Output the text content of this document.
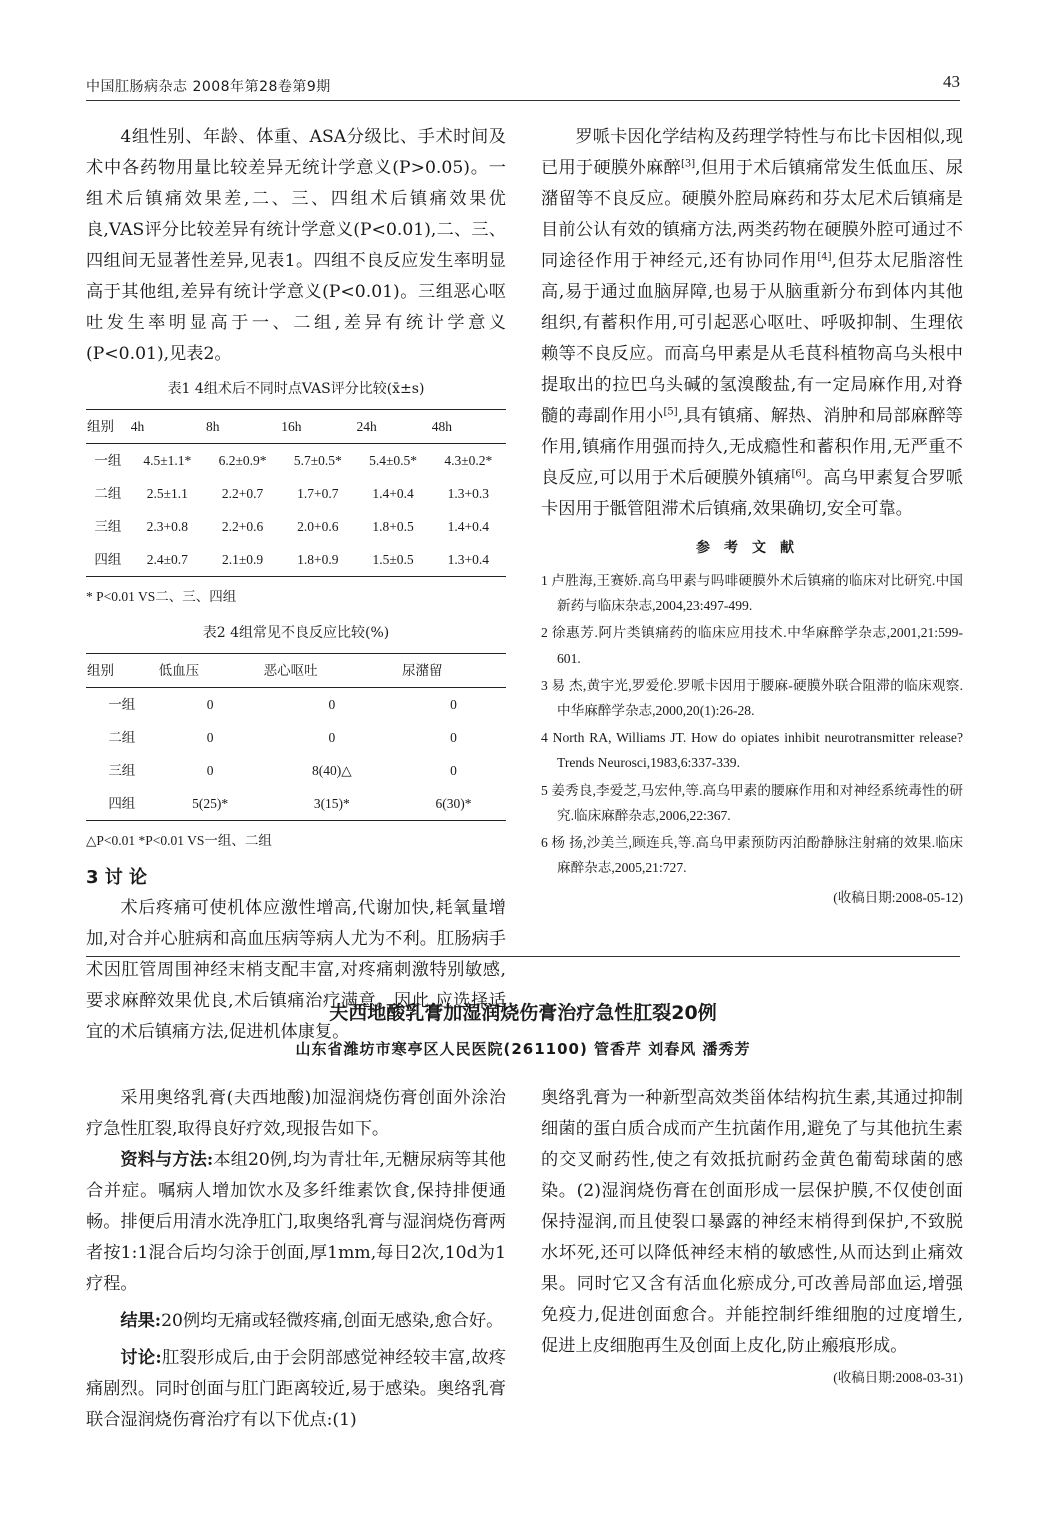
中国肛肠病杂志 2008年第28卷第9期	43

4组性别、年龄、体重、ASA分级比、手术时间及术中各药物用量比较差异无统计学意义(P>0.05)。一组术后镇痛效果差,二、三、四组术后镇痛效果优良,VAS评分比较差异有统计学意义(P<0.01),二、三、四组间无显著性差异,见表1。四组不良反应发生率明显高于其他组,差异有统计学意义(P<0.01)。三组恶心呕吐发生率明显高于一、二组,差异有统计学意义(P<0.01),见表2。

表1 4组术后不同时点VAS评分比较(x̄±s)
组别	4h	8h	16h	24h	48h
一组	4.5±1.1*	6.2±0.9*	5.7±0.5*	5.4±0.5*	4.3±0.2*
二组	2.5±1.1	2.2+0.7	1.7+0.7	1.4+0.4	1.3+0.3
三组	2.3+0.8	2.2+0.6	2.0+0.6	1.8+0.5	1.4+0.4
四组	2.4±0.7	2.1±0.9	1.8+0.9	1.5±0.5	1.3+0.4
* P<0.01 VS二、三、四组
表2 4组常见不良反应比较(%)
组别	低血压	恶心呕吐	尿潴留
一组	0	0	0
二组	0	0	0
三组	0	8(40)△	0
四组	5(25)*	3(15)*	6(30)*
△P<0.01 *P<0.01 VS一组、二组
3 讨 论

术后疼痛可使机体应激性增高,代谢加快,耗氧量增加,对合并心脏病和高血压病等病人尤为不利。肛肠病手术因肛管周围神经末梢支配丰富,对疼痛刺激特别敏感,要求麻醉效果优良,术后镇痛治疗满意。因此,应选择适宜的术后镇痛方法,促进机体康复。

罗哌卡因化学结构及药理学特性与布比卡因相似,现已用于硬膜外麻醉[3],但用于术后镇痛常发生低血压、尿潴留等不良反应。硬膜外腔局麻药和芬太尼术后镇痛是目前公认有效的镇痛方法,两类药物在硬膜外腔可通过不同途径作用于神经元,还有协同作用[4],但芬太尼脂溶性高,易于通过血脑屏障,也易于从脑重新分布到体内其他组织,有蓄积作用,可引起恶心呕吐、呼吸抑制、生理依赖等不良反应。而高乌甲素是从毛茛科植物高乌头根中提取出的拉巴乌头碱的氢溴酸盐,有一定局麻作用,对脊髓的毒副作用小[5],具有镇痛、解热、消肿和局部麻醉等作用,镇痛作用强而持久,无成瘾性和蓄积作用,无严重不良反应,可以用于术后硬膜外镇痛[6]。高乌甲素复合罗哌卡因用于骶管阻滞术后镇痛,效果确切,安全可靠。

参考文献
1 卢胜海,王赛娇.高乌甲素与吗啡硬膜外术后镇痛的临床对比研究.中国新药与临床杂志,2004,23:497-499.
2 徐惠芳.阿片类镇痛药的临床应用技术.中华麻醉学杂志,2001,21:599-601.
3 易 杰,黄宇光,罗爱伦.罗哌卡因用于腰麻-硬膜外联合阻滞的临床观察.中华麻醉学杂志,2000,20(1):26-28.
4 North RA, Williams JT. How do opiates inhibit neurotransmitter release? Trends Neurosci,1983,6:337-339.
5 姜秀良,李爱芝,马宏仲,等.高乌甲素的腰麻作用和对神经系统毒性的研究.临床麻醉杂志,2006,22:367.
6 杨 扬,沙美兰,顾连兵,等.高乌甲素预防丙泊酚静脉注射痛的效果.临床麻醉杂志,2005,21:727.
(收稿日期:2008-05-12)
夫西地酸乳膏加湿润烧伤膏治疗急性肛裂20例
山东省潍坊市寒亭区人民医院(261100) 管香芹 刘春风 潘秀芳

采用奥络乳膏(夫西地酸)加湿润烧伤膏创面外涂治疗急性肛裂,取得良好疗效,现报告如下。

资料与方法:本组20例,均为青壮年,无糖尿病等其他合并症。嘱病人增加饮水及多纤维素饮食,保持排便通畅。排便后用清水洗净肛门,取奥络乳膏与湿润烧伤膏两者按1:1混合后均匀涂于创面,厚1mm,每日2次,10d为1疗程。

结果:20例均无痛或轻微疼痛,创面无感染,愈合好。

讨论:肛裂形成后,由于会阴部感觉神经较丰富,故疼痛剧烈。同时创面与肛门距离较近,易于感染。奥络乳膏联合湿润烧伤膏治疗有以下优点:(1)

奥络乳膏为一种新型高效类甾体结构抗生素,其通过抑制细菌的蛋白质合成而产生抗菌作用,避免了与其他抗生素的交叉耐药性,使之有效抵抗耐药金黄色葡萄球菌的感染。(2)湿润烧伤膏在创面形成一层保护膜,不仅使创面保持湿润,而且使裂口暴露的神经末梢得到保护,不致脱水坏死,还可以降低神经末梢的敏感性,从而达到止痛效果。同时它又含有活血化瘀成分,可改善局部血运,增强免疫力,促进创面愈合。并能控制纤维细胞的过度增生,促进上皮细胞再生及创面上皮化,防止瘢痕形成。

(收稿日期:2008-03-31)
